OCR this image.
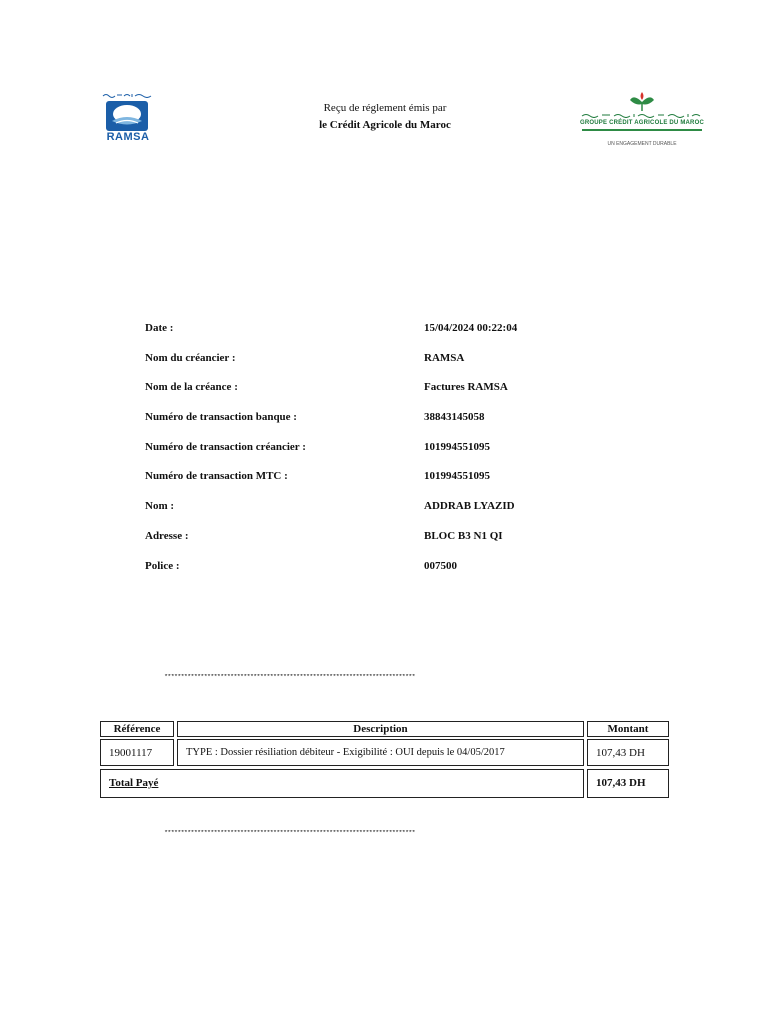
RAMSA
Reçu de réglement émis par
le Crédit Agricole du Maroc	GROUPE CRÉDIT AGRICOLE DU MAROC
UN ENGAGEMENT DURABLE
Date :	15/04/2024 00:22:04
Nom du créancier :	RAMSA
Nom de la créance :	Factures RAMSA
Numéro de transaction banque :	38843145058
Numéro de transaction créancier :	101994551095
Numéro de transaction MTC :	101994551095
Nom :	ADDRAB LYAZID
Adresse :	BLOC B3 N1 QI
Police :	007500
****************************************************************************
Référence	Description	Montant
19001117	TYPE : Dossier résiliation débiteur - Exigibilité : OUI depuis le 04/05/2017	107,43 DH
Total Payé	107,43 DH
****************************************************************************
